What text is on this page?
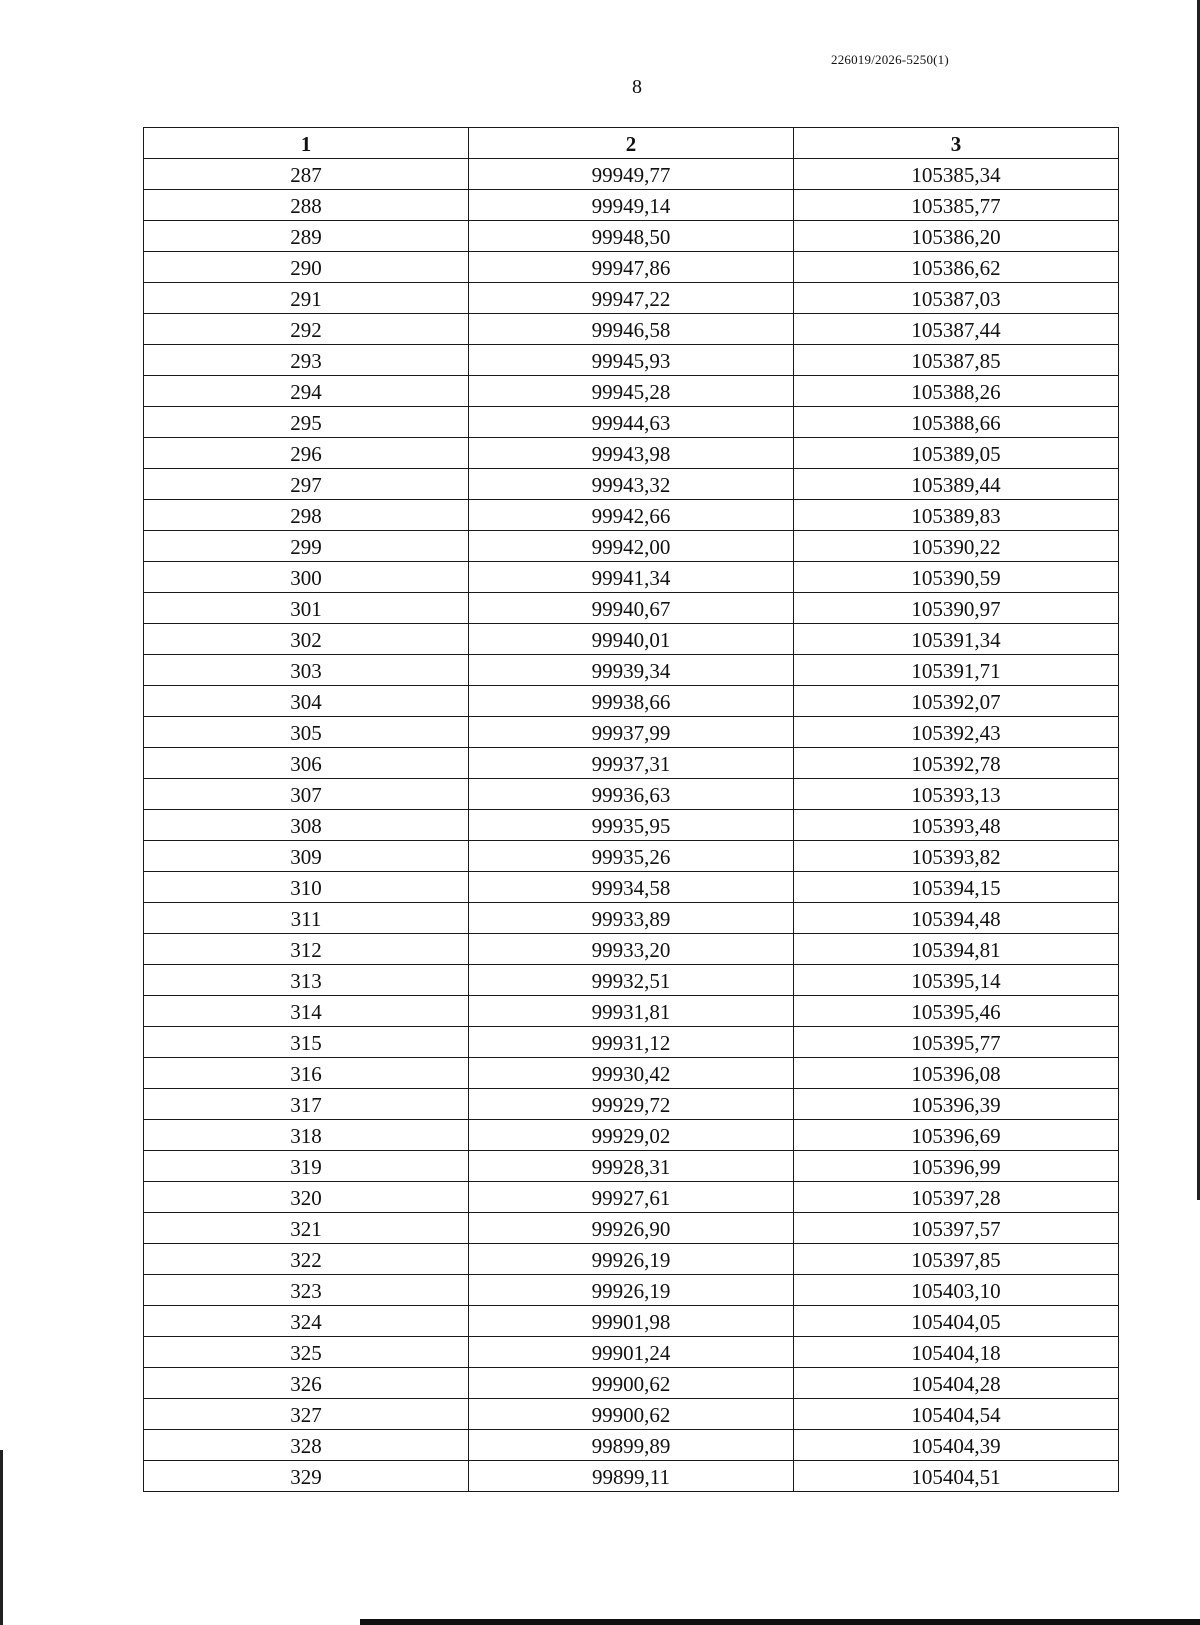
226019/2026-5250(1)
8
1	2	3
287	99949,77	105385,34
288	99949,14	105385,77
289	99948,50	105386,20
290	99947,86	105386,62
291	99947,22	105387,03
292	99946,58	105387,44
293	99945,93	105387,85
294	99945,28	105388,26
295	99944,63	105388,66
296	99943,98	105389,05
297	99943,32	105389,44
298	99942,66	105389,83
299	99942,00	105390,22
300	99941,34	105390,59
301	99940,67	105390,97
302	99940,01	105391,34
303	99939,34	105391,71
304	99938,66	105392,07
305	99937,99	105392,43
306	99937,31	105392,78
307	99936,63	105393,13
308	99935,95	105393,48
309	99935,26	105393,82
310	99934,58	105394,15
311	99933,89	105394,48
312	99933,20	105394,81
313	99932,51	105395,14
314	99931,81	105395,46
315	99931,12	105395,77
316	99930,42	105396,08
317	99929,72	105396,39
318	99929,02	105396,69
319	99928,31	105396,99
320	99927,61	105397,28
321	99926,90	105397,57
322	99926,19	105397,85
323	99926,19	105403,10
324	99901,98	105404,05
325	99901,24	105404,18
326	99900,62	105404,28
327	99900,62	105404,54
328	99899,89	105404,39
329	99899,11	105404,51
